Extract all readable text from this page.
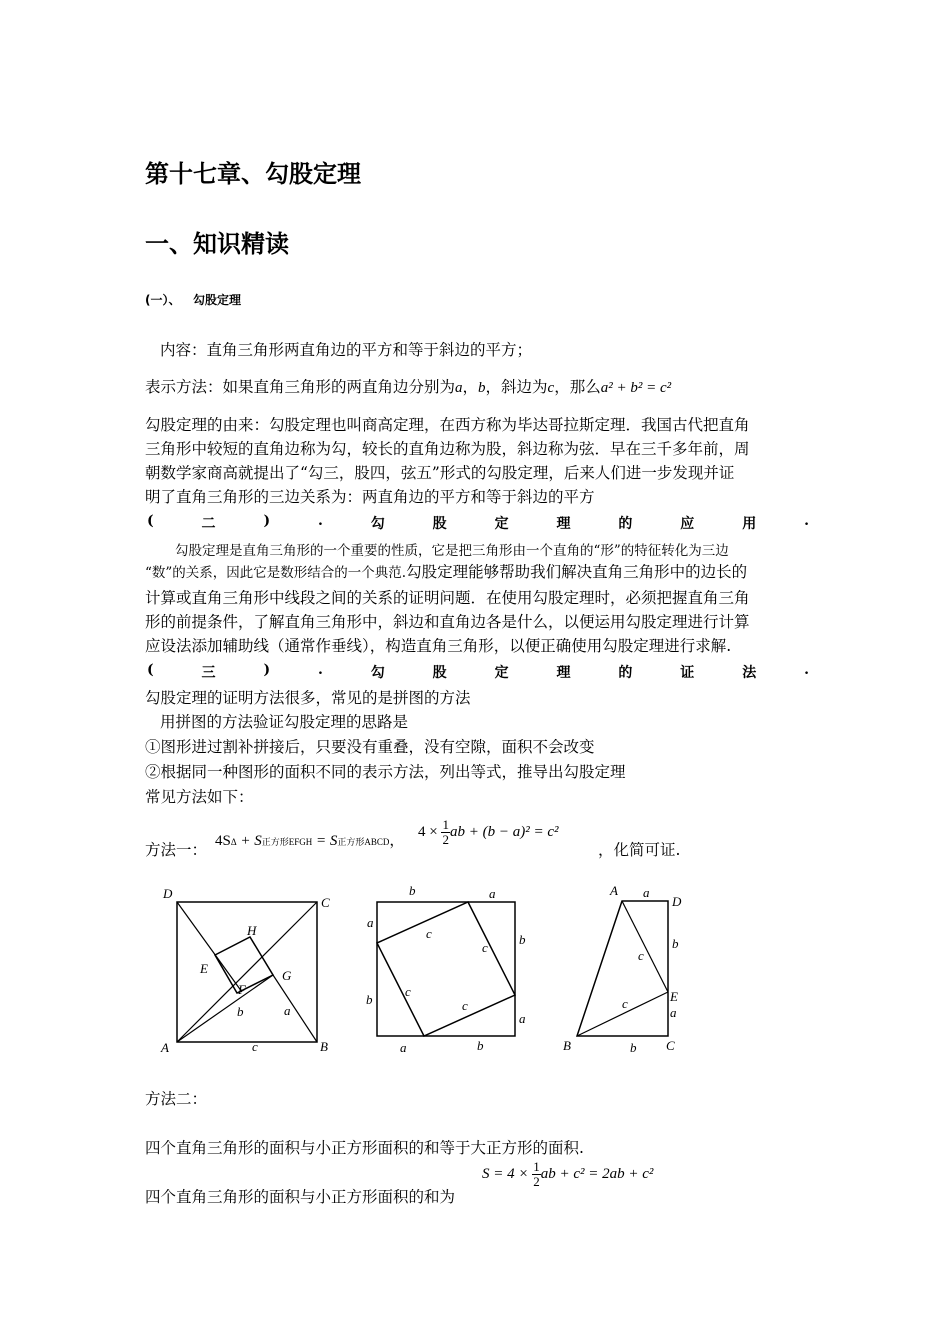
第十七章、勾股定理
一、知识精读
(一）、 勾股定理
内容：直角三角形两直角边的平方和等于斜边的平方；
表示方法：如果直角三角形的两直角边分别为a，b，斜边为c，那么a² + b² = c²
勾股定理的由来：勾股定理也叫商高定理，在西方称为毕达哥拉斯定理．我国古代把直角
三角形中较短的直角边称为勾，较长的直角边称为股，斜边称为弦．早在三千多年前，周
朝数学家商高就提出了“勾三，股四，弦五”形式的勾股定理，后来人们进一步发现并证
明了直角三角形的三边关系为：两直角边的平方和等于斜边的平方
(	二	)	.	勾	股	定	理	的	应	用	.
勾股定理是直角三角形的一个重要的性质，它是把三角形由一个直角的“形”的特征转化为三边
“数”的关系，因此它是数形结合的一个典范.勾股定理能够帮助我们解决直角三角形中的边长的
计算或直角三角形中线段之间的关系的证明问题．在使用勾股定理时，必须把握直角三角
形的前提条件，了解直角三角形中，斜边和直角边各是什么，以便运用勾股定理进行计算
应设法添加辅助线（通常作垂线），构造直角三角形，以便正确使用勾股定理进行求解.
(	三	)	.	勾	股	定	理	的	证	法	.
勾股定理的证明方法很多，常见的是拼图的方法
用拼图的方法验证勾股定理的思路是
①图形进过割补拼接后，只要没有重叠，没有空隙，面积不会改变
②根据同一种图形的面积不同的表示方法，列出等式，推导出勾股定理
常见方法如下：
方法一： 4SΔ + S正方形EFGH = S正方形ABCD，
$4 \times \frac{1}{2}$ ab + (b − a)² = c²
，化简可证.
D
C
A	B
H
E	G
F
b	a
c
b	a
a
c
c
b
b
c
c
a
a	b
A a
D
b
c
E
a
c
B	b C
方法二：
四个直角三角形的面积与小正方形面积的和等于大正方形的面积.
四个直角三角形的面积与小正方形面积的和为
$S = 4 \times \frac{1}{2}$ ab + c² = 2ab + c²
